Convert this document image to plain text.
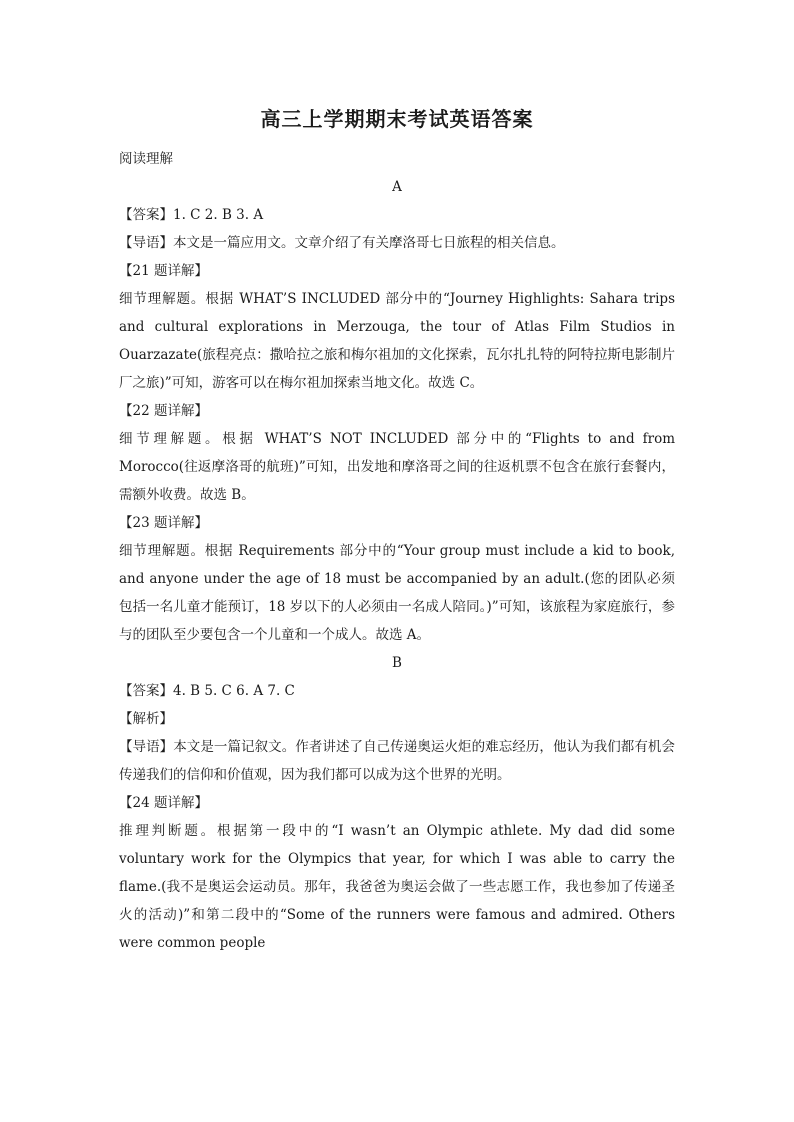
高三上学期期末考试英语答案

阅读理解

A

【答案】1. C 2. B 3. A

【导语】本文是一篇应用文。文章介绍了有关摩洛哥七日旅程的相关信息。

【21 题详解】

细节理解题。根据 WHAT’S INCLUDED 部分中的“Journey Highlights: Sahara trips and cultural explorations in Merzouga, the tour of Atlas Film Studios in Ouarzazate(旅程亮点：撒哈拉之旅和梅尔祖加的文化探索，瓦尔扎扎特的阿特拉斯电影制片厂之旅)”可知，游客可以在梅尔祖加探索当地文化。故选 C。

【22 题详解】

细节理解题。根据 WHAT’S NOT INCLUDED 部分中的“Flights to and from Morocco(往返摩洛哥的航班)”可知，出发地和摩洛哥之间的往返机票不包含在旅行套餐内，需额外收费。故选 B。

【23 题详解】

细节理解题。根据 Requirements 部分中的“Your group must include a kid to book, and anyone under the age of 18 must be accompanied by an adult.(您的团队必须包括一名儿童才能预订，18 岁以下的人必须由一名成人陪同。)”可知，该旅程为家庭旅行，参与的团队至少要包含一个儿童和一个成人。故选 A。

B

【答案】4. B 5. C 6. A 7. C

【解析】

【导语】本文是一篇记叙文。作者讲述了自己传递奥运火炬的难忘经历，他认为我们都有机会传递我们的信仰和价值观，因为我们都可以成为这个世界的光明。

【24 题详解】

推理判断题。根据第一段中的“I wasn’t an Olympic athlete. My dad did some voluntary work for the Olympics that year, for which I was able to carry the flame.(我不是奥运会运动员。那年，我爸爸为奥运会做了一些志愿工作，我也参加了传递圣火的活动)”和第二段中的“Some of the runners were famous and admired. Others were common people
